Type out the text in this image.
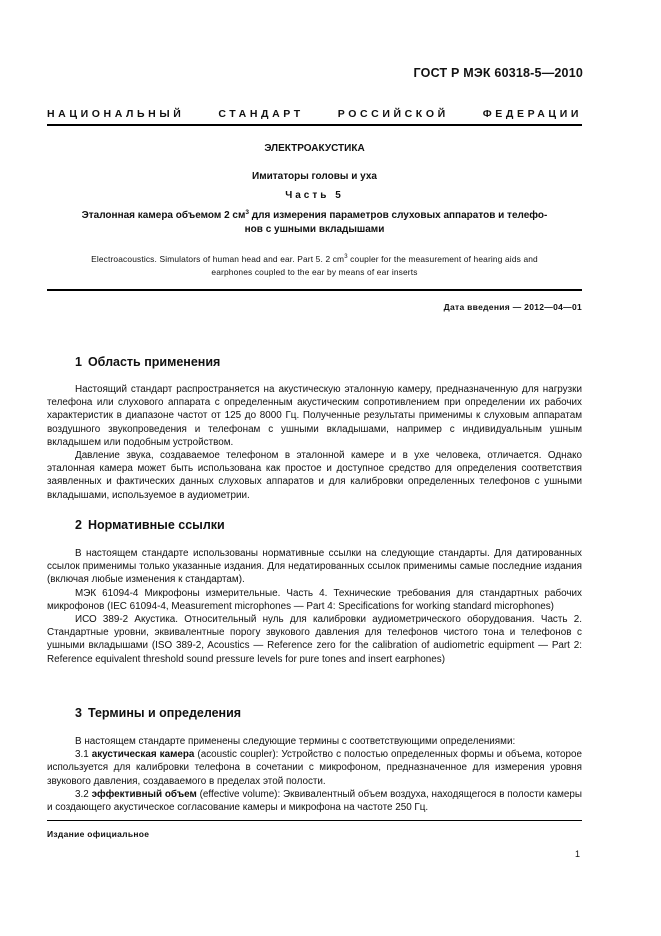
ГОСТ Р МЭК 60318-5—2010
НАЦИОНАЛЬНЫЙ	СТАНДАРТ	РОССИЙСКОЙ	ФЕДЕРАЦИИ
ЭЛЕКТРОАКУСТИКА
Имитаторы головы и уха
Часть 5
Эталонная камера объемом 2 $см^3$ для измерения параметров слуховых аппаратов и телефо-
нов с ушными вкладышами
Electroacoustics. Simulators of human head and ear. Part 5. 2 $cm^3$ coupler for the measurement of hearing aids and
earphones coupled to the ear by means of ear inserts
Дата введения — 2012—04—01
1 Область применения

Настоящий стандарт распространяется на акустическую эталонную камеру, предназначенную для нагрузки телефона или слухового аппарата с определенным акустическим сопротивлением при определении их рабочих характеристик в диапазоне частот от 125 до 8000 Гц. Полученные результаты применимы к слуховым аппаратам воздушного звукопроведения и телефонам с ушными вкладышами, например с индивидуальным ушным вкладышем или подобным устройством.

Давление звука, создаваемое телефоном в эталонной камере и в ухе человека, отличается. Однако эталонная камера может быть использована как простое и доступное средство для определения соответствия заявленных и фактических данных слуховых аппаратов и для калибровки определенных телефонов с ушными вкладышами, используемое в аудиометрии.

2 Нормативные ссылки

В настоящем стандарте использованы нормативные ссылки на следующие стандарты. Для датированных ссылок применимы только указанные издания. Для недатированных ссылок применимы самые последние издания (включая любые изменения к стандартам).

МЭК 61094-4 Микрофоны измерительные. Часть 4. Технические требования для стандартных рабочих микрофонов (IEC 61094-4, Measurement microphones — Part 4: Specifications for working standard microphones)

ИСО 389-2 Акустика. Относительный нуль для калибровки аудиометрического оборудования. Часть 2. Стандартные уровни, эквивалентные порогу звукового давления для телефонов чистого тона и телефонов с ушными вкладышами (ISO 389-2, Acoustics — Reference zero for the calibration of audiometric equipment — Part 2: Reference equivalent threshold sound pressure levels for pure tones and insert earphones)

3 Термины и определения

В настоящем стандарте применены следующие термины с соответствующими определениями:

3.1 акустическая камера (acoustic coupler): Устройство с полостью определенных формы и объема, которое используется для калибровки телефона в сочетании с микрофоном, предназначенное для измерения уровня звукового давления, создаваемого в пределах этой полости.

3.2 эффективный объем (effective volume): Эквивалентный объем воздуха, находящегося в полости камеры и создающего акустическое согласование камеры и микрофона на частоте 250 Гц.

Издание официальное
1
